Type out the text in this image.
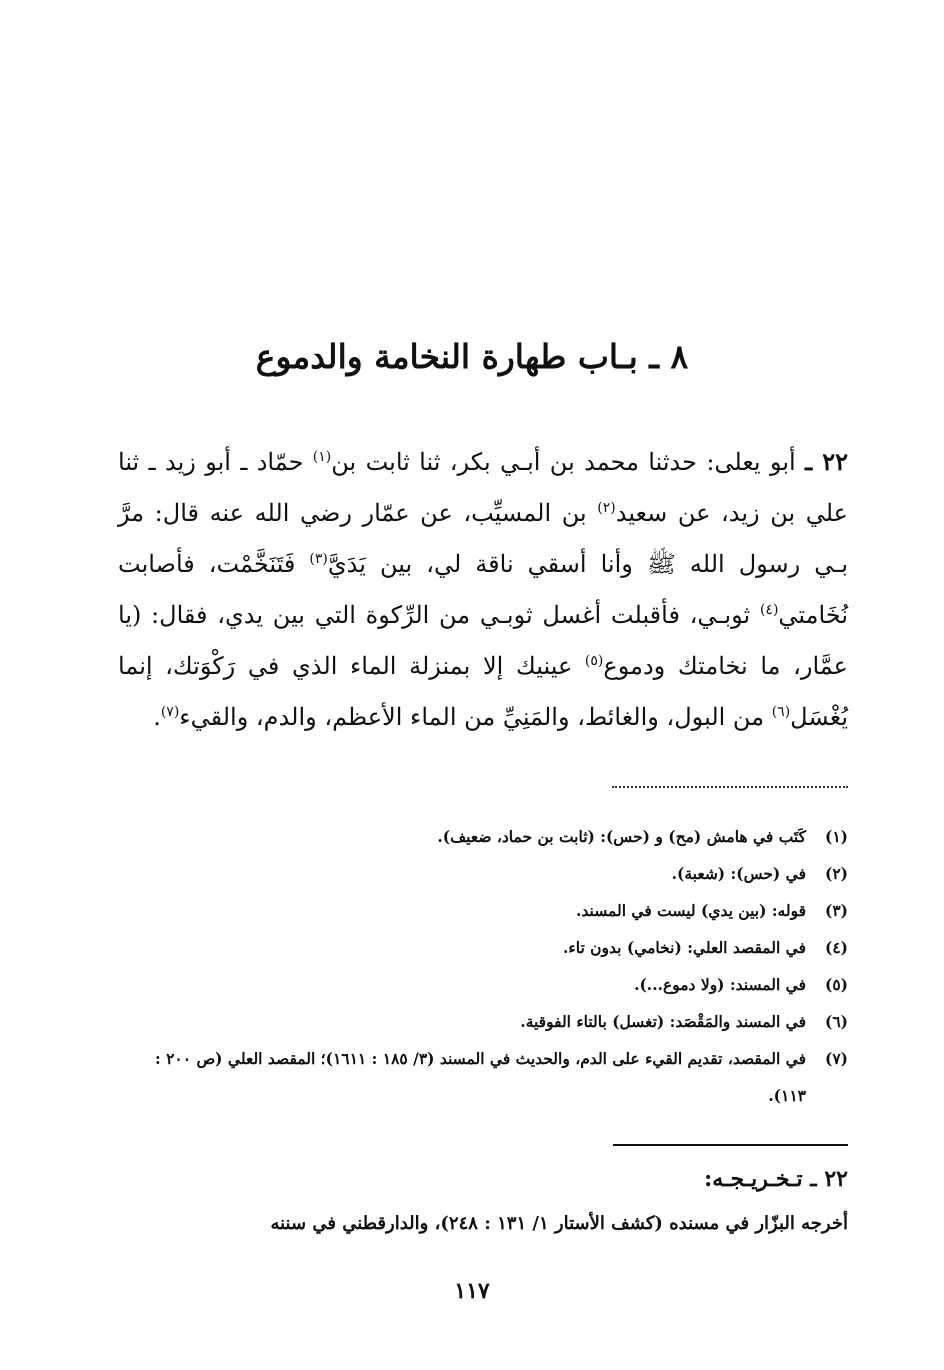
٨ ـ بـاب طهارة النخامة والدموع
٢٢ ـ أبو يعلى: حدثنا محمد بن أبـي بكر، ثنا ثابت بن$^{(١)}$ حمّاد ـ أبو زيد ـ ثنا علي بن زيد، عن سعيد$^{(٢)}$ بن المسيِّب، عن عمّار رضي الله عنه قال: مرَّ بـي رسول الله ﷺ وأنا أسقي ناقة لي، بين يَدَيَّ$^{(٣)}$ فَتَنَخَّمْت، فأصابت نُخَامتي$^{(٤)}$ ثوبـي، فأقبلت أغسل ثوبـي من الرِّكوة التي بين يدي، فقال: (يا عمَّار، ما نخامتك ودموع$^{(٥)}$ عينيك إلا بمنزلة الماء الذي في رَكْوَتك، إنما يُغْسَل$^{(٦)}$ من البول، والغائط، والمَنِيِّ من الماء الأعظم، والدم، والقيء$^{(٧)}$.
(١)
كَتَب في هامش (مح) و (حس): (ثابت بن حماد، ضعيف).
(٢)
في (حس): (شعبة).
(٣)
قوله: (بين يدي) ليست في المسند.
(٤)
في المقصد العلي: (نخامي) بدون تاء.
(٥)
في المسند: (ولا دموع...).
(٦)
في المسند والمَقْصَد: (تغسل) بالتاء الفوقية.
(٧)
في المقصد، تقديم القيء على الدم، والحديث في المسند (٣/ ١٨٥ : ١٦١١)؛ المقصد العلي (ص ٢٠٠ : ١١٣).
٢٢ ـ تـخـريـجـه:
أخرجه البزّار في مسنده (كشف الأستار ١/ ١٣١ : ٢٤٨)، والدارقطني في سننه
١١٧
